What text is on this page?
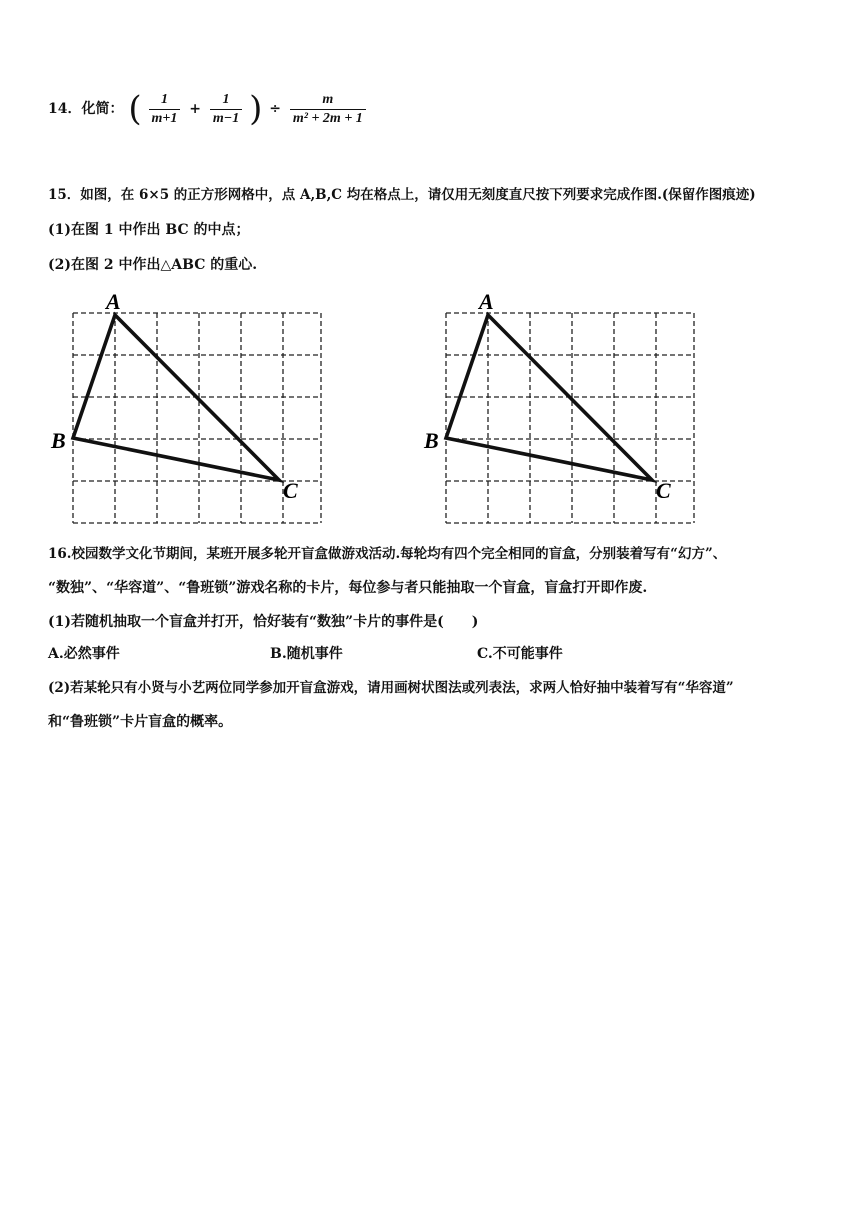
14．化简： ( $\frac{1}{m+1} + \frac{1}{m-1}$ ) ÷ $\frac{m}{\text{m² + 2m + 1}}$
15．如图，在 6×5 的正方形网格中，点 A,B,C 均在格点上，请仅用无刻度直尺按下列要求完成作图.(保留作图痕迹)
(1)在图 1 中作出 BC 的中点；
(2)在图 2 中作出△ABC 的重心.
A
B
C
A
B
C
16.校园数学文化节期间，某班开展多轮开盲盒做游戏活动.每轮均有四个完全相同的盲盒，分别装着写有“幻方”、
“数独”、“华容道”、“鲁班锁”游戏名称的卡片，每位参与者只能抽取一个盲盒，盲盒打开即作废.
(1)若随机抽取一个盲盒并打开，恰好装有“数独”卡片的事件是(　　)
A.必然事件	B.随机事件	C.不可能事件
(2)若某轮只有小贤与小艺两位同学参加开盲盒游戏，请用画树状图法或列表法，求两人恰好抽中装着写有“华容道”
和“鲁班锁”卡片盲盒的概率。
